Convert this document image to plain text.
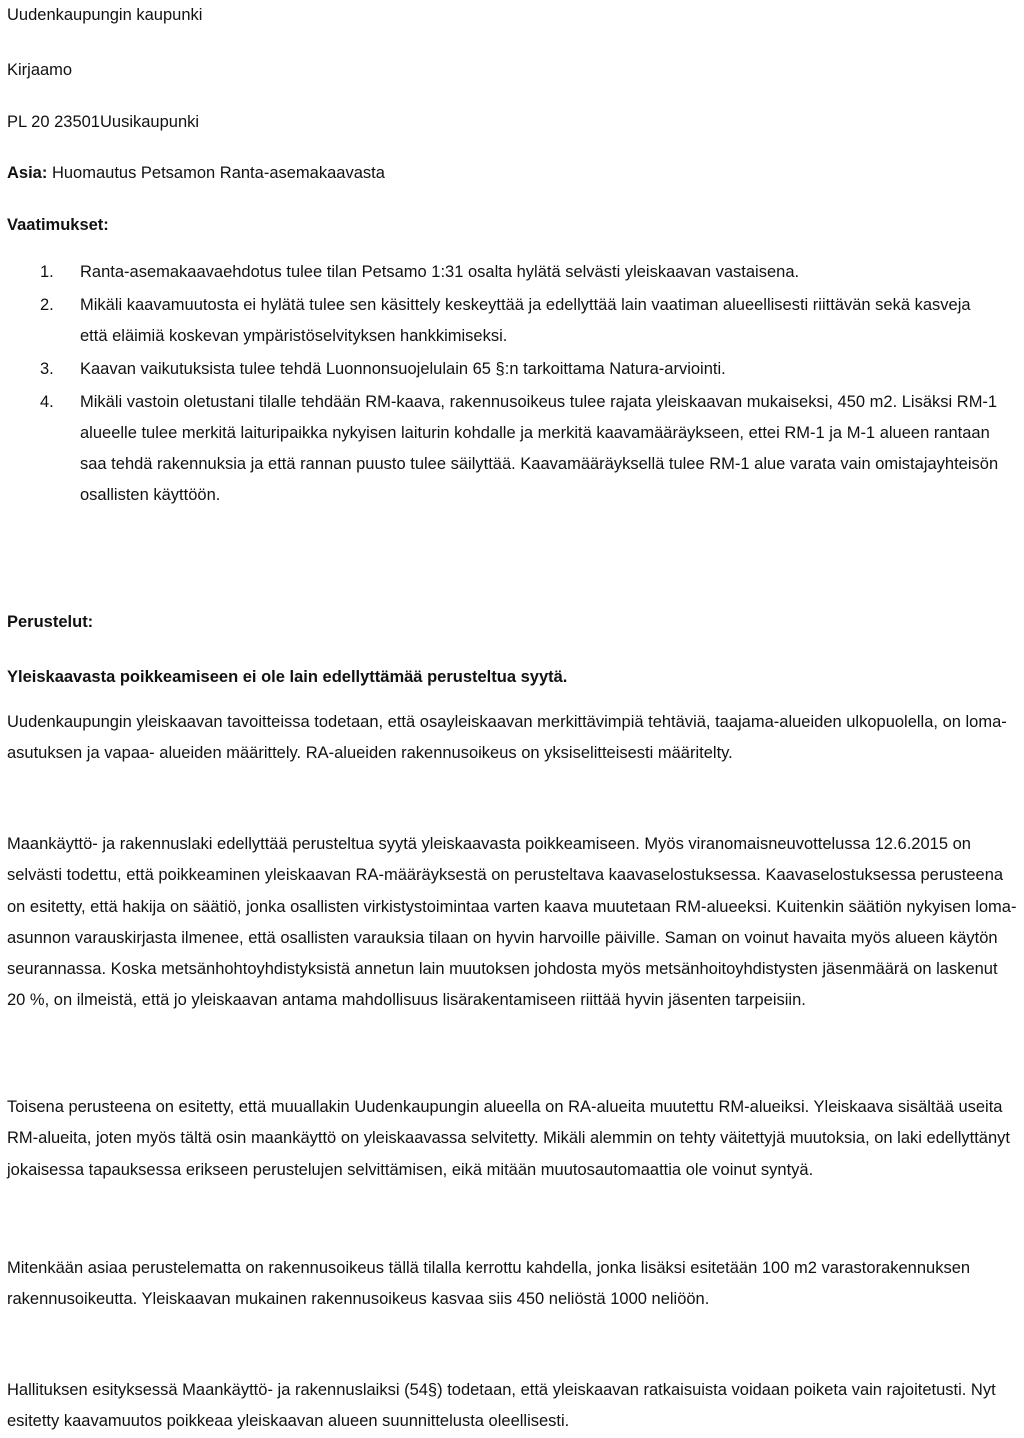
Uudenkaupungin kaupunki
Kirjaamo
PL 20 23501Uusikaupunki
Asia: Huomautus Petsamon Ranta-asemakaavasta
Vaatimukset:
1. Ranta-asemakaavaehdotus tulee tilan Petsamo 1:31 osalta hylätä selvästi yleiskaavan vastaisena.
2. Mikäli kaavamuutosta ei hylätä tulee sen käsittely keskeyttää ja edellyttää lain vaatiman alueellisesti riittävän sekä kasveja että eläimiä koskevan ympäristöselvityksen hankkimiseksi.
3. Kaavan vaikutuksista tulee tehdä Luonnonsuojelulain 65 §:n tarkoittama Natura-arviointi.
4. Mikäli vastoin oletustani tilalle tehdään RM-kaava, rakennusoikeus tulee rajata yleiskaavan mukaiseksi, 450 m2. Lisäksi RM-1 alueelle tulee merkitä laituripaikka nykyisen laiturin kohdalle ja merkitä kaavamääräykseen, ettei RM-1 ja M-1 alueen rantaan saa tehdä rakennuksia ja että rannan puusto tulee säilyttää. Kaavamääräyksellä tulee RM-1 alue varata vain omistajayhteisön osallisten käyttöön.
Perustelut:
Yleiskaavasta poikkeamiseen ei ole lain edellyttämää perusteltua syytä.

Uudenkaupungin yleiskaavan tavoitteissa todetaan, että osayleiskaavan merkittävimpiä tehtäviä, taajama-alueiden ulkopuolella, on loma-asutuksen ja vapaa- alueiden määrittely. RA-alueiden rakennusoikeus on yksiselitteisesti määritelty.

Maankäyttö- ja rakennuslaki edellyttää perusteltua syytä yleiskaavasta poikkeamiseen. Myös viranomaisneuvottelussa 12.6.2015 on selvästi todettu, että poikkeaminen yleiskaavan RA-määräyksestä on perusteltava kaavaselostuksessa. Kaavaselostuksessa perusteena on esitetty, että hakija on säätiö, jonka osallisten virkistystoimintaa varten kaava muutetaan RM-alueeksi. Kuitenkin säätiön nykyisen loma-asunnon varauskirjasta ilmenee, että osallisten varauksia tilaan on hyvin harvoille päiville. Saman on voinut havaita myös alueen käytön seurannassa. Koska metsänhohtoyhdistyksistä annetun lain muutoksen johdosta myös metsänhoitoyhdistysten jäsenmäärä on laskenut 20 %, on ilmeistä, että jo yleiskaavan antama mahdollisuus lisärakentamiseen riittää hyvin jäsenten tarpeisiin.

Toisena perusteena on esitetty, että muuallakin Uudenkaupungin alueella on RA-alueita muutettu RM-alueiksi. Yleiskaava sisältää useita RM-alueita, joten myös tältä osin maankäyttö on yleiskaavassa selvitetty. Mikäli alemmin on tehty väitettyjä muutoksia, on laki edellyttänyt jokaisessa tapauksessa erikseen perustelujen selvittämisen, eikä mitään muutosautomaattia ole voinut syntyä.

Mitenkään asiaa perustelematta on rakennusoikeus tällä tilalla kerrottu kahdella, jonka lisäksi esitetään 100 m2 varastorakennuksen rakennusoikeutta. Yleiskaavan mukainen rakennusoikeus kasvaa siis 450 neliöstä 1000 neliöön.

Hallituksen esityksessä Maankäyttö- ja rakennuslaiksi (54§) todetaan, että yleiskaavan ratkaisuista voidaan poiketa vain rajoitetusti. Nyt esitetty kaavamuutos poikkeaa yleiskaavan alueen suunnittelusta oleellisesti.
